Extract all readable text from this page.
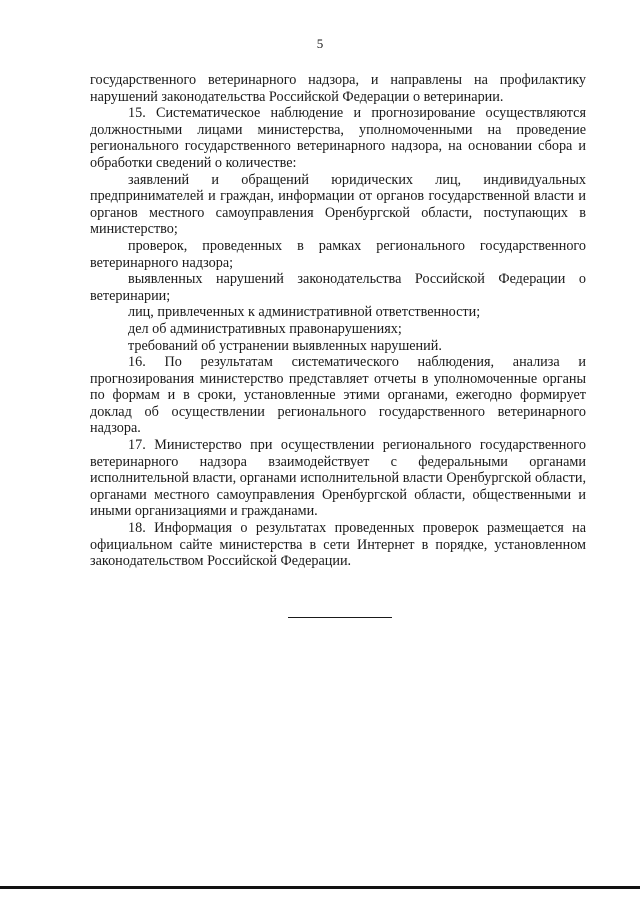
5

государственного ветеринарного надзора, и направлены на профилактику нарушений законодательства Российской Федерации о ветеринарии.

15. Систематическое наблюдение и прогнозирование осуществляются должностными лицами министерства, уполномоченными на проведение регионального государственного ветеринарного надзора, на основании сбора и обработки сведений о количестве:

заявлений и обращений юридических лиц, индивидуальных предпринимателей и граждан, информации от органов государственной власти и органов местного самоуправления Оренбургской области, поступающих в министерство;

проверок, проведенных в рамках регионального государственного ветеринарного надзора;

выявленных нарушений законодательства Российской Федерации о ветеринарии;

лиц, привлеченных к административной ответственности;

дел об административных правонарушениях;

требований об устранении выявленных нарушений.

16. По результатам систематического наблюдения, анализа и прогнозирования министерство представляет отчеты в уполномоченные органы по формам и в сроки, установленные этими органами, ежегодно формирует доклад об осуществлении регионального государственного ветеринарного надзора.

17. Министерство при осуществлении регионального государственного ветеринарного надзора взаимодействует с федеральными органами исполнительной власти, органами исполнительной власти Оренбургской области, органами местного самоуправления Оренбургской области, общественными и иными организациями и гражданами.

18. Информация о результатах проведенных проверок размещается на официальном сайте министерства в сети Интернет в порядке, установленном законодательством Российской Федерации.
